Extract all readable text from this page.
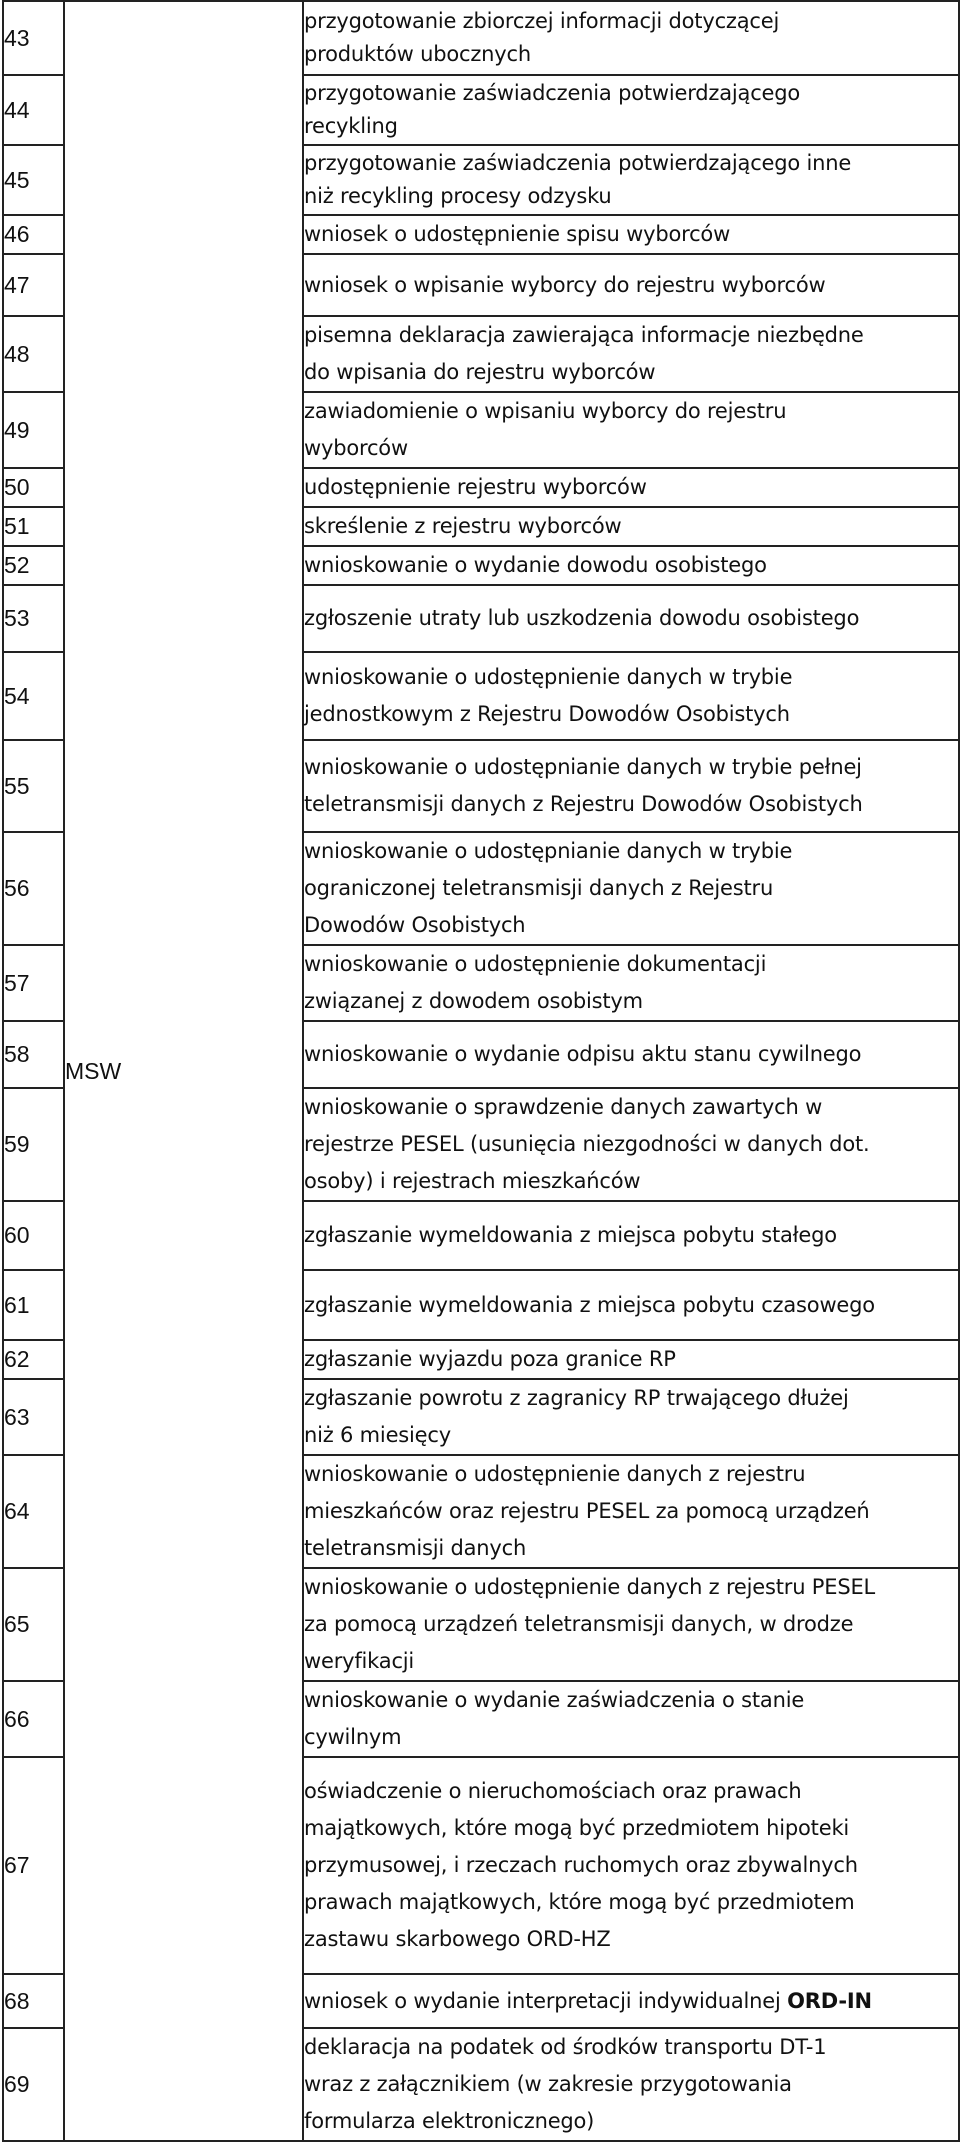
43	MSW	przygotowanie zbiorczej informacji dotyczącej
produktów ubocznych
44		przygotowanie zaświadczenia potwierdzającego
recykling
45		przygotowanie zaświadczenia potwierdzającego inne
niż recykling procesy odzysku
46		wniosek o udostępnienie spisu wyborców
47		wniosek o wpisanie wyborcy do rejestru wyborców
48		pisemna deklaracja zawierająca informacje niezbędne
do wpisania do rejestru wyborców
49		zawiadomienie o wpisaniu wyborcy do rejestru
wyborców
50		udostępnienie rejestru wyborców
51		skreślenie z rejestru wyborców
52		wnioskowanie o wydanie dowodu osobistego
53		zgłoszenie utraty lub uszkodzenia dowodu osobistego
54		wnioskowanie o udostępnienie danych w trybie
jednostkowym z Rejestru Dowodów Osobistych
55		wnioskowanie o udostępnianie danych w trybie pełnej
teletransmisji danych z Rejestru Dowodów Osobistych
56		wnioskowanie o udostępnianie danych w trybie
ograniczonej teletransmisji danych z Rejestru
Dowodów Osobistych
57		wnioskowanie o udostępnienie dokumentacji
związanej z dowodem osobistym
58		wnioskowanie o wydanie odpisu aktu stanu cywilnego
59		wnioskowanie o sprawdzenie danych zawartych w
rejestrze PESEL (usunięcia niezgodności w danych dot.
osoby) i rejestrach mieszkańców
60		zgłaszanie wymeldowania z miejsca pobytu stałego
61		zgłaszanie wymeldowania z miejsca pobytu czasowego
62		zgłaszanie wyjazdu poza granice RP
63		zgłaszanie powrotu z zagranicy RP trwającego dłużej
niż 6 miesięcy
64		wnioskowanie o udostępnienie danych z rejestru
mieszkańców oraz rejestru PESEL za pomocą urządzeń
teletransmisji danych
65		wnioskowanie o udostępnienie danych z rejestru PESEL
za pomocą urządzeń teletransmisji danych, w drodze
weryfikacji
66		wnioskowanie o wydanie zaświadczenia o stanie
cywilnym
67		oświadczenie o nieruchomościach oraz prawach
majątkowych, które mogą być przedmiotem hipoteki
przymusowej, i rzeczach ruchomych oraz zbywalnych
prawach majątkowych, które mogą być przedmiotem
zastawu skarbowego ORD-HZ
68		wniosek o wydanie interpretacji indywidualnej ORD-IN
69		deklaracja na podatek od środków transportu DT-1
wraz z załącznikiem (w zakresie przygotowania
formularza elektronicznego)
